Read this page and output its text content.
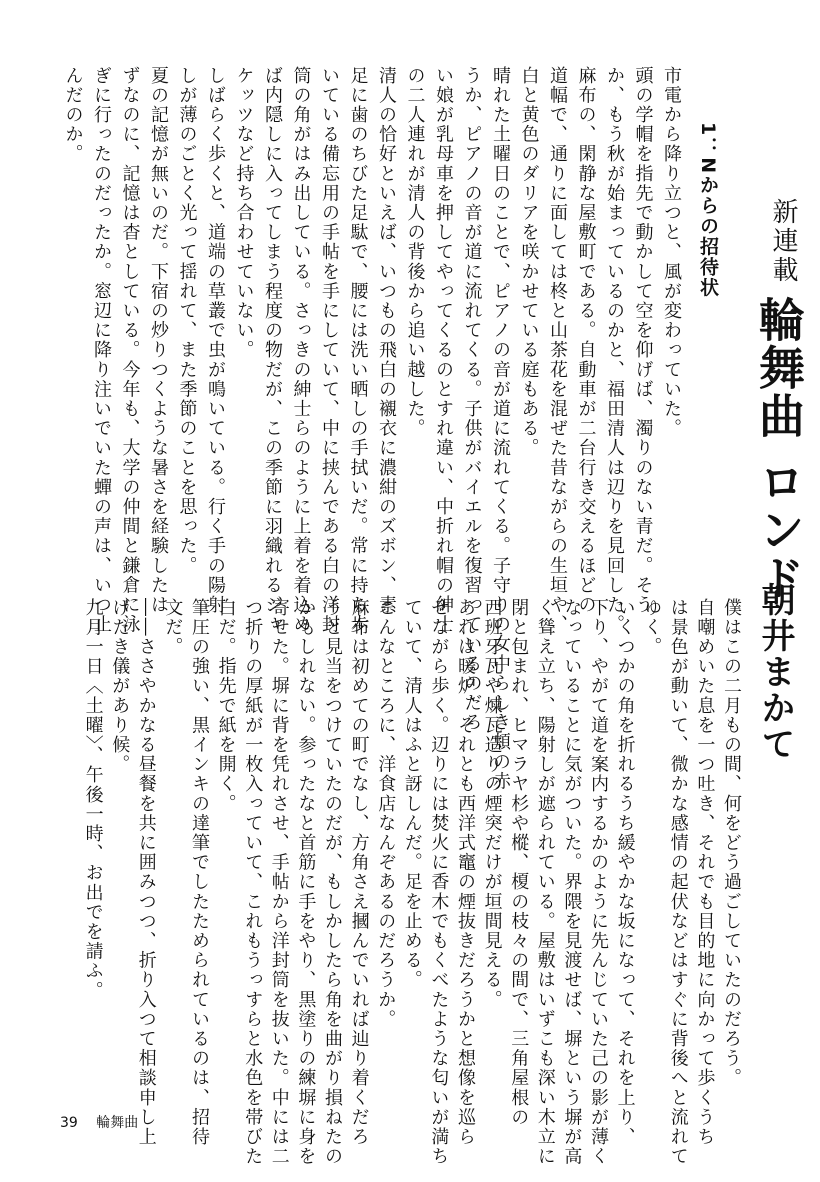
新連載
輪舞曲 ロンド
朝井まかて
市電から降り立つと、風が変わっていた。
頭の学帽を指先で動かして空を仰げば、濁りのない青だ。そう
か、もう秋が始まっているのかと、福田清人は辺りを見回した。
麻布の、閑静な屋敷町である。自動車が二台行き交えるほどの
道幅で、通りに面しては柊と山茶花を混ぜた昔ながらの生垣や、
白と黄色のダリアを咲かせている庭もある。
晴れた土曜日のことで、ピアノの音が道に流れてくる。子守りの女中らしき頬の赤
うか、ピアノの音が道に流れてくる。子供がバイエルを復習っているのだろ
い娘が乳母車を押してやってくるのとすれ違い、中折れ帽の紳士
の二人連れが清人の背後から追い越した。
清人の恰好といえば、いつもの飛白の襯衣に濃紺のズボン、素
足に歯のちびた足駄で、腰には洗い晒しの手拭いだ。常に持ち歩
いている備忘用の手帖を手にしていて、中に挟んである白の洋封
筒の角がはみ出している。さっきの紳士らのように上着を着込め
ば内隠しに入ってしまう程度の物だが、この季節に羽織れるジャ
ケッツなど持ち合わせていない。
しばらく歩くと、道端の草叢で虫が鳴いている。行く手の陽射
しが薄のごとく光って揺れて、また季節のことを思った。
夏の記憶が無いのだ。下宿の炒りつくような暑さを経験したは
ずなのに、記憶は杳としている。今年も、大学の仲間と鎌倉に泳
ぎに行ったのだったか。窓辺に降り注いでいた蟬の声は、いつ止
んだのか。
1：Nからの招待状
僕はこの二月もの間、何をどう過ごしていたのだろう。
自嘲めいた息を一つ吐き、それでも目的地に向かって歩くうち
は景色が動いて、微かな感情の起伏などはすぐに背後へと流れて
ゆく。
いくつかの角を折れるうち緩やかな坂になって、それを上り、
下り、やがて道を案内するかのように先んじていた己の影が薄く
なっていることに気がついた。界隈を見渡せば、塀という塀が高
く聳え立ち、陽射しが遮られている。屋敷はいずこも深い木立に
閉と包まれ、ヒマラヤ杉や樅、榎の枝々の間で、三角屋根の
西班牙瓦や煉瓦造りの煙突だけが垣間見える。
あれは暖炉、それとも西洋式竈の煙抜きだろうかと想像を巡ら
せながら歩く。辺りには焚火に香木でもくべたような匂いが満ち
ていて、清人はふと訝しんだ。足を止める。
こんなところに、洋食店なんぞあるのだろうか。
麻布は初めての町でなし、方角さえ摑んでいれば辿り着くだろ
うと見当をつけていたのだが、もしかしたら角を曲がり損ねたの
かもしれない。参ったなと首筋に手をやり、黒塗りの練塀に身を
寄せた。塀に背を凭れさせ、手帖から洋封筒を抜いた。中には二
つ折りの厚紙が一枚入っていて、これもうっすらと水色を帯びた
白だ。指先で紙を開く。
筆圧の強い、黒インキの達筆でしたためられているのは、招待
文だ。
――ささやかなる昼餐を共に囲みつつ、折り入つて相談申し上
げたき儀があり候。
九月一日〈土曜〉、午後一時、お出でを請ふ。
39 輪舞曲
